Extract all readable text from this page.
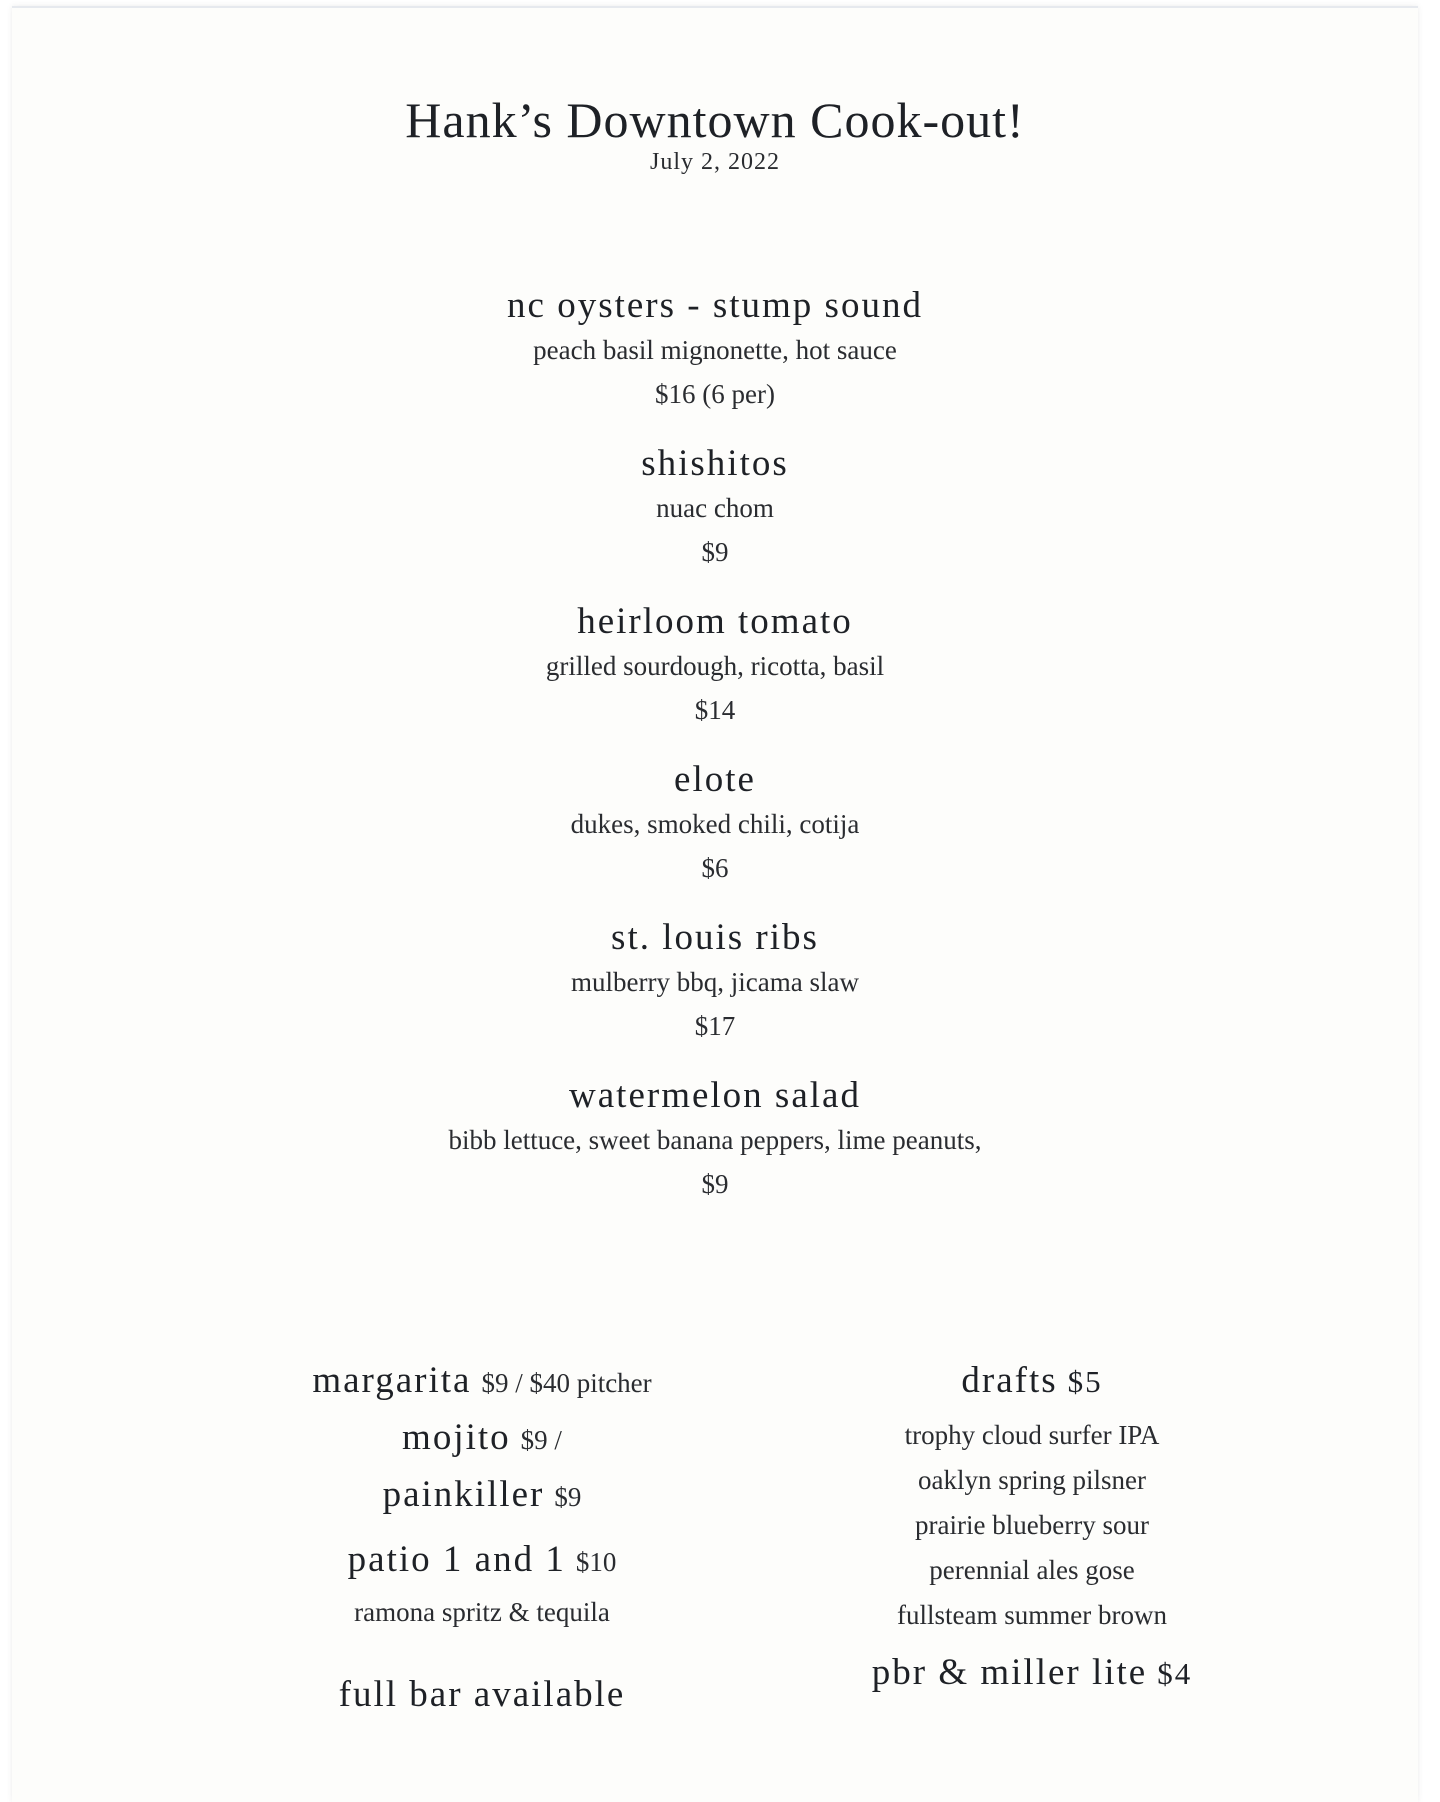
Hank’s Downtown Cook-out!
July 2, 2022
nc oysters - stump sound
peach basil mignonette, hot sauce
$16 (6 per)
shishitos
nuac chom
$9
heirloom tomato
grilled sourdough, ricotta, basil
$14
elote
dukes, smoked chili, cotija
$6
st. louis ribs
mulberry bbq, jicama slaw
$17
watermelon salad
bibb lettuce, sweet banana peppers, lime peanuts,
$9
margarita $9 / $40 pitcher
mojito $9 /
painkiller $9
patio 1 and 1 $10
ramona spritz & tequila
full bar available
drafts $5
trophy cloud surfer IPA
oaklyn spring pilsner
prairie blueberry sour
perennial ales gose
fullsteam summer brown
pbr & miller lite $4
